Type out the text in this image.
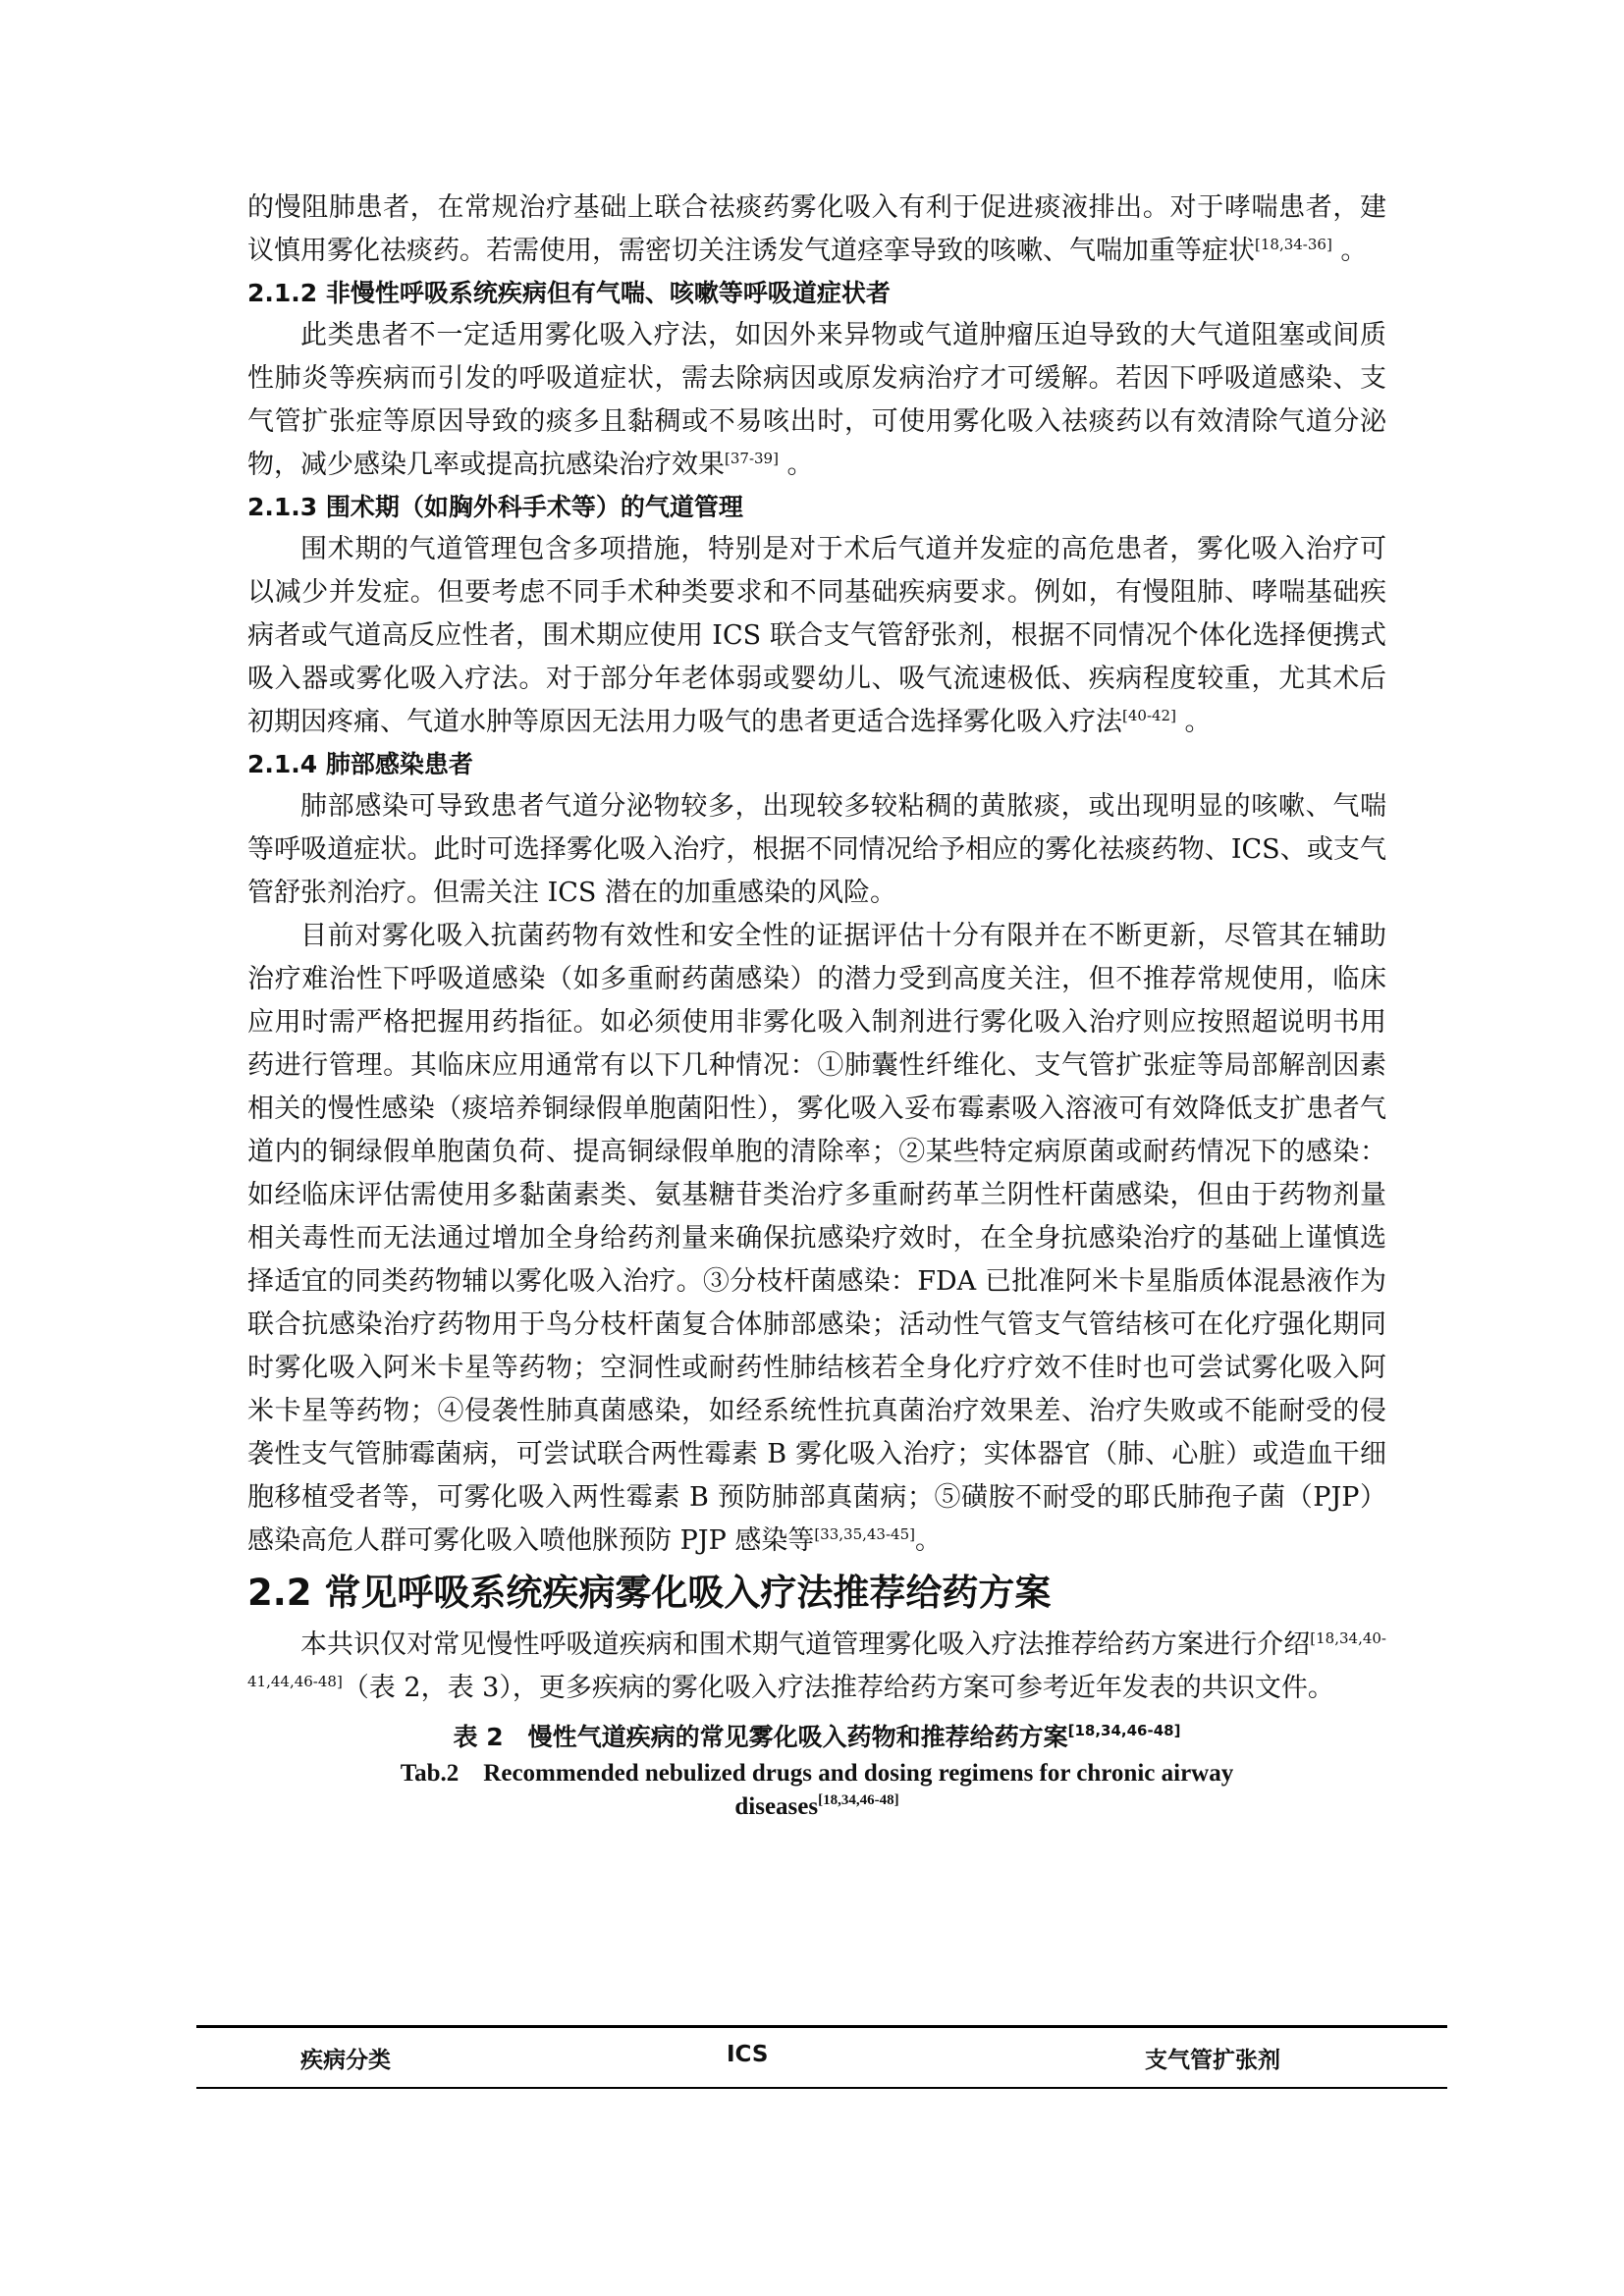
的慢阻肺患者，在常规治疗基础上联合祛痰药雾化吸入有利于促进痰液排出。对于哮喘患者，建议慎用雾化祛痰药。若需使用，需密切关注诱发气道痉挛导致的咳嗽、气喘加重等症状[18,34-36] 。

2.1.2 非慢性呼吸系统疾病但有气喘、咳嗽等呼吸道症状者

此类患者不一定适用雾化吸入疗法，如因外来异物或气道肿瘤压迫导致的大气道阻塞或间质性肺炎等疾病而引发的呼吸道症状，需去除病因或原发病治疗才可缓解。若因下呼吸道感染、支气管扩张症等原因导致的痰多且黏稠或不易咳出时，可使用雾化吸入祛痰药以有效清除气道分泌物，减少感染几率或提高抗感染治疗效果[37-39] 。

2.1.3 围术期（如胸外科手术等）的气道管理

围术期的气道管理包含多项措施，特别是对于术后气道并发症的高危患者，雾化吸入治疗可以减少并发症。但要考虑不同手术种类要求和不同基础疾病要求。例如，有慢阻肺、哮喘基础疾病者或气道高反应性者，围术期应使用 ICS 联合支气管舒张剂，根据不同情况个体化选择便携式吸入器或雾化吸入疗法。对于部分年老体弱或婴幼儿、吸气流速极低、疾病程度较重，尤其术后初期因疼痛、气道水肿等原因无法用力吸气的患者更适合选择雾化吸入疗法[40-42] 。

2.1.4 肺部感染患者

肺部感染可导致患者气道分泌物较多，出现较多较粘稠的黄脓痰，或出现明显的咳嗽、气喘等呼吸道症状。此时可选择雾化吸入治疗，根据不同情况给予相应的雾化祛痰药物、ICS、或支气管舒张剂治疗。但需关注 ICS 潜在的加重感染的风险。

目前对雾化吸入抗菌药物有效性和安全性的证据评估十分有限并在不断更新，尽管其在辅助治疗难治性下呼吸道感染（如多重耐药菌感染）的潜力受到高度关注，但不推荐常规使用，临床应用时需严格把握用药指征。如必须使用非雾化吸入制剂进行雾化吸入治疗则应按照超说明书用药进行管理。其临床应用通常有以下几种情况：①肺囊性纤维化、支气管扩张症等局部解剖因素相关的慢性感染（痰培养铜绿假单胞菌阳性），雾化吸入妥布霉素吸入溶液可有效降低支扩患者气道内的铜绿假单胞菌负荷、提高铜绿假单胞的清除率；②某些特定病原菌或耐药情况下的感染：如经临床评估需使用多黏菌素类、氨基糖苷类治疗多重耐药革兰阴性杆菌感染，但由于药物剂量相关毒性而无法通过增加全身给药剂量来确保抗感染疗效时，在全身抗感染治疗的基础上谨慎选择适宜的同类药物辅以雾化吸入治疗。③分枝杆菌感染：FDA 已批准阿米卡星脂质体混悬液作为联合抗感染治疗药物用于鸟分枝杆菌复合体肺部感染；活动性气管支气管结核可在化疗强化期同时雾化吸入阿米卡星等药物；空洞性或耐药性肺结核若全身化疗疗效不佳时也可尝试雾化吸入阿米卡星等药物；④侵袭性肺真菌感染，如经系统性抗真菌治疗效果差、治疗失败或不能耐受的侵袭性支气管肺霉菌病，可尝试联合两性霉素 B 雾化吸入治疗；实体器官（肺、心脏）或造血干细胞移植受者等，可雾化吸入两性霉素 B 预防肺部真菌病；⑤磺胺不耐受的耶氏肺孢子菌（PJP）感染高危人群可雾化吸入喷他脒预防 PJP 感染等[33,35,43-45]。

2.2 常见呼吸系统疾病雾化吸入疗法推荐给药方案

本共识仅对常见慢性呼吸道疾病和围术期气道管理雾化吸入疗法推荐给药方案进行介绍[18,34,40-41,44,46-48]（表 2，表 3），更多疾病的雾化吸入疗法推荐给药方案可参考近年发表的共识文件。

表 2　慢性气道疾病的常见雾化吸入药物和推荐给药方案[18,34,46-48]
Tab.2　Recommended nebulized drugs and dosing regimens for chronic airway diseases[18,34,46-48]
疾病分类	ICS	支气管扩张剂
